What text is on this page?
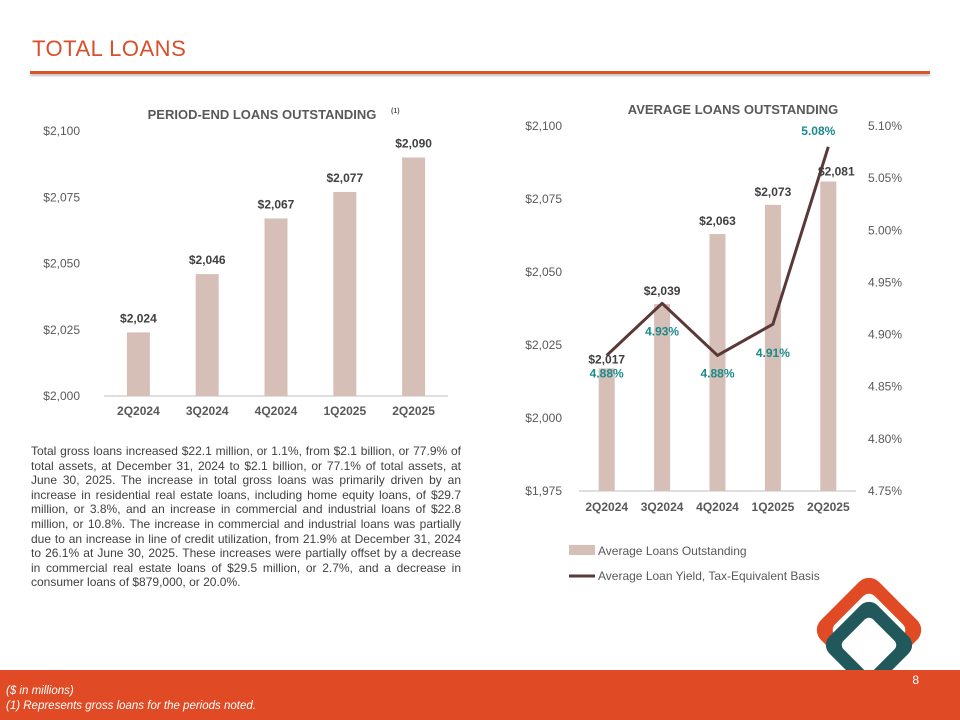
TOTAL LOANS
PERIOD-END LOANS OUTSTANDING (1)
$2,000
$2,025
$2,050
$2,075
$2,100
$2,024
2Q2024
$2,046
3Q2024
$2,067
4Q2024
$2,077
1Q2025
$2,090
2Q2025
AVERAGE LOANS OUTSTANDING
$1,975
$2,000
$2,025
$2,050
$2,075
$2,100
4.75%
4.80%
4.85%
4.90%
4.95%
5.00%
5.05%
5.10%
2Q2024 3Q2024 4Q2024 1Q2025 2Q2025
$2,017
$2,039
$2,063
$2,073
$2,081
4.88%
4.93%
4.88%
4.91%
5.08%
Average Loans Outstanding
Average Loan Yield, Tax-Equivalent Basis
Total gross loans increased $22.1 million, or 1.1%, from $2.1 billion, or 77.9% of total assets, at December 31, 2024 to $2.1 billion, or 77.1% of total assets, at June 30, 2025. The increase in total gross loans was primarily driven by an increase in residential real estate loans, including home equity loans, of $29.7 million, or 3.8%, and an increase in commercial and industrial loans of $22.8 million, or 10.8%. The increase in commercial and industrial loans was partially due to an increase in line of credit utilization, from 21.9% at December 31, 2024 to 26.1% at June 30, 2025. These increases were partially offset by a decrease in commercial real estate loans of $29.5 million, or 2.7%, and a decrease in consumer loans of $879,000, or 20.0%.
($ in millions)
(1) Represents gross loans for the periods noted.
8
